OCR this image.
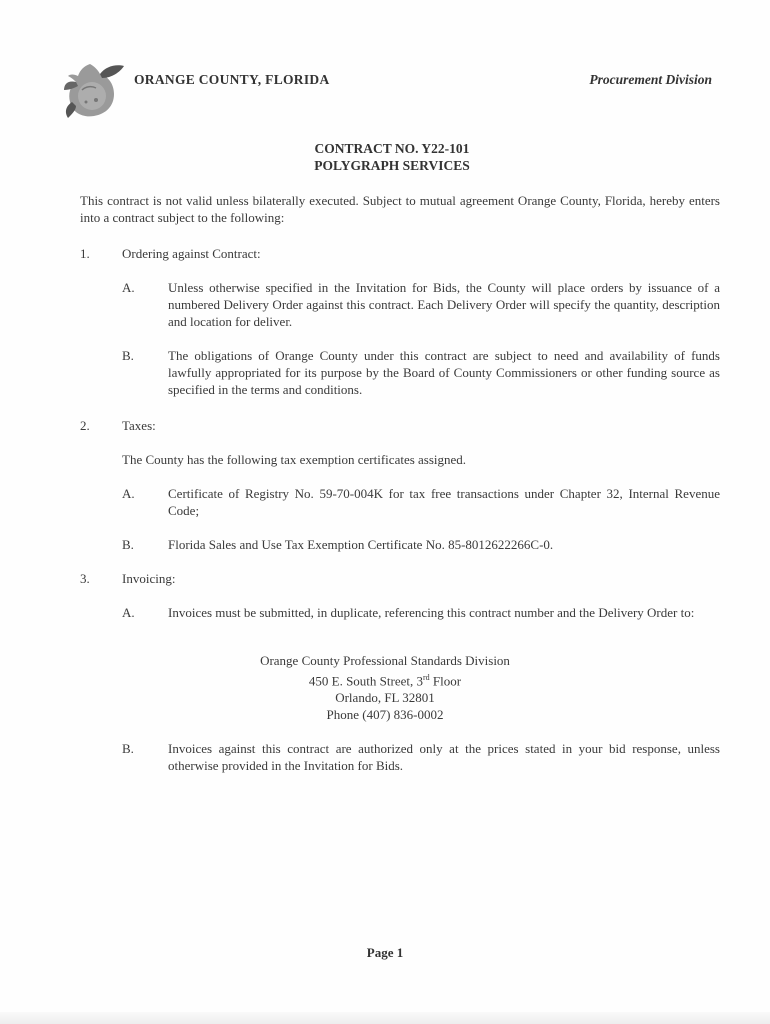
ORANGE COUNTY, FLORIDA	Procurement Division
CONTRACT NO. Y22-101
POLYGRAPH SERVICES
This contract is not valid unless bilaterally executed. Subject to mutual agreement Orange County, Florida, hereby enters into a contract subject to the following:
1. Ordering against Contract:
A.	Unless otherwise specified in the Invitation for Bids, the County will place orders by issuance of a numbered Delivery Order against this contract. Each Delivery Order will specify the quantity, description and location for deliver.
B.	The obligations of Orange County under this contract are subject to need and availability of funds lawfully appropriated for its purpose by the Board of County Commissioners or other funding source as specified in the terms and conditions.
2. Taxes:
The County has the following tax exemption certificates assigned.
A.	Certificate of Registry No. 59-70-004K for tax free transactions under Chapter 32, Internal Revenue Code;
B.	Florida Sales and Use Tax Exemption Certificate No. 85-8012622266C-0.
3. Invoicing:
A.	Invoices must be submitted, in duplicate, referencing this contract number and the Delivery Order to:
Orange County Professional Standards Division
450 E. South Street, 3rd Floor
Orlando, FL 32801
Phone (407) 836-0002
B.	Invoices against this contract are authorized only at the prices stated in your bid response, unless otherwise provided in the Invitation for Bids.
Page 1
